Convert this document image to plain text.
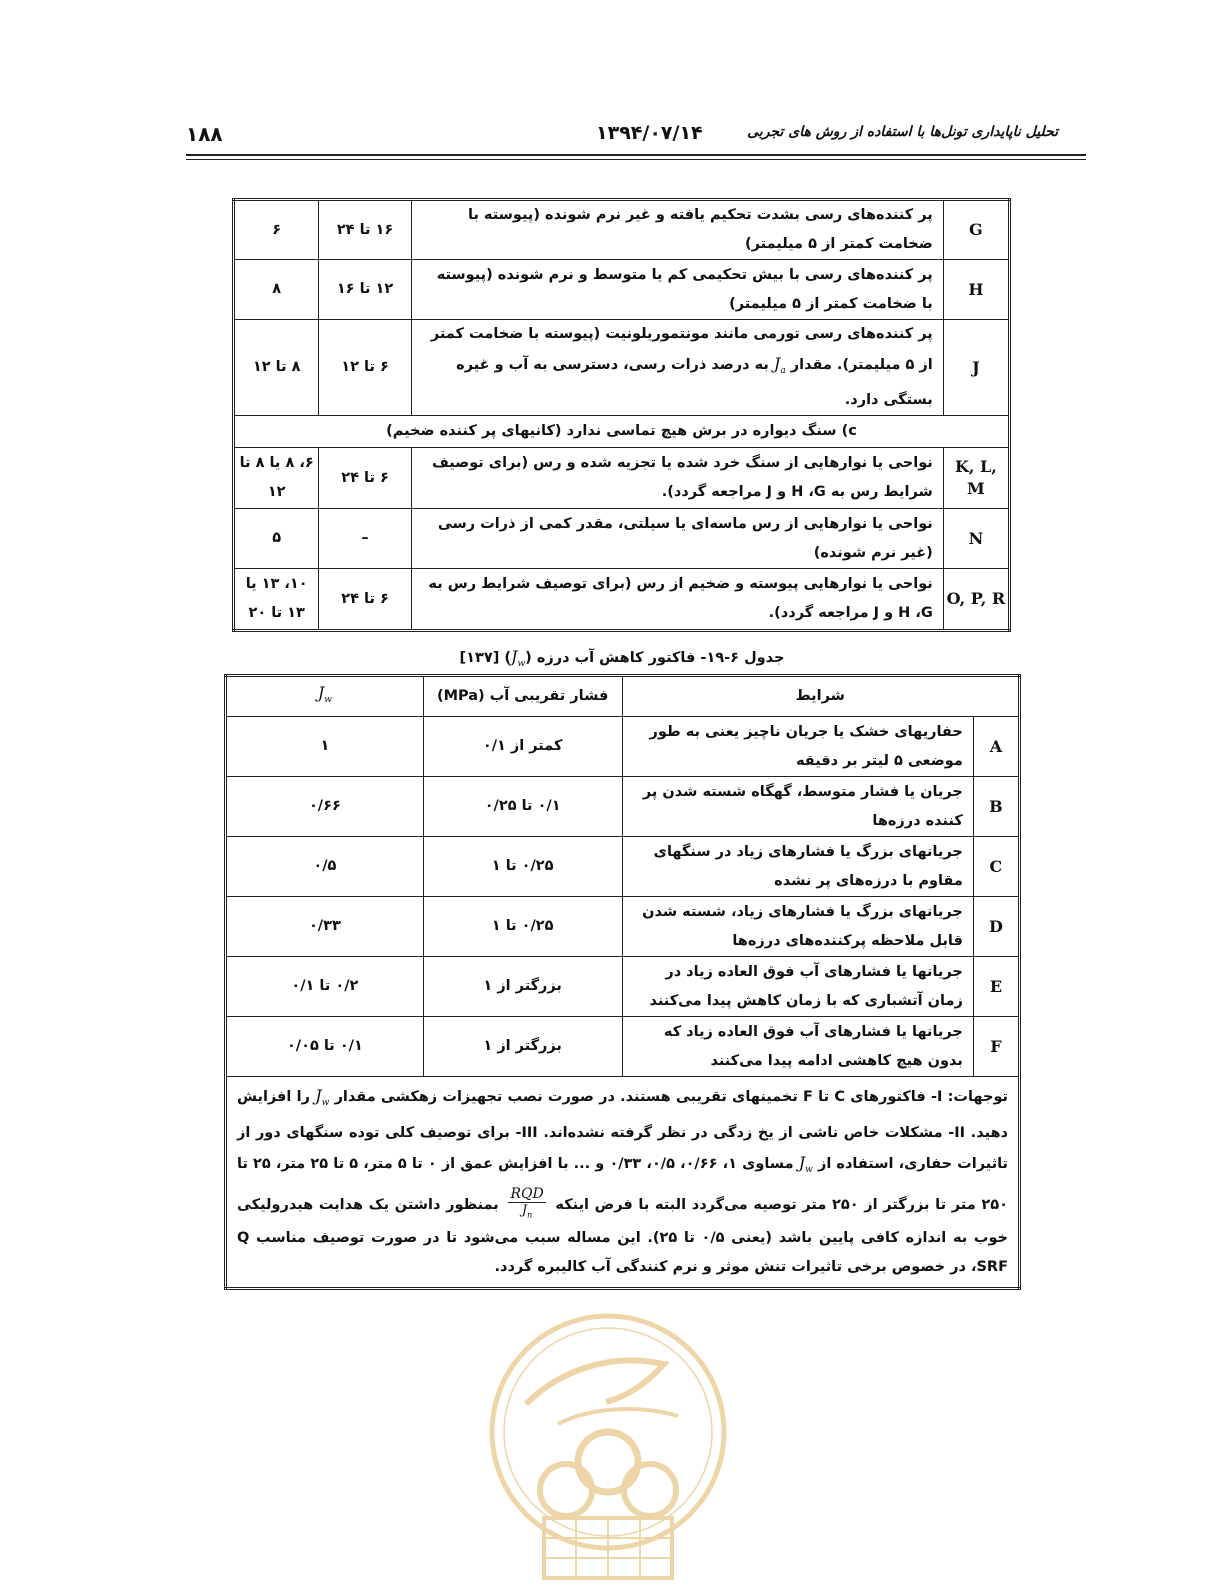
۱۸۸	۱۳۹۴/۰۷/۱۴	تحلیل ناپایداری تونل‌ها با استفاده از روش های تجربی
G	پر کننده‌های رسی بشدت تحکیم یافته و غیر نرم شونده (پیوسته با ضخامت کمتر از ۵ میلیمتر)	۱۶ تا ۲۴	۶
H	پر کننده‌های رسی با بیش تحکیمی کم یا متوسط و نرم شونده (پیوسته با ضخامت کمتر از ۵ میلیمتر)	۱۲ تا ۱۶	۸
J	پر کننده‌های رسی تورمی مانند مونتموریلونیت (پیوسته با ضخامت کمتر از ۵ میلیمتر). مقدار $J_a$ به درصد ذرات رسی، دسترسی به آب و غیره بستگی دارد.	۶ تا ۱۲	۸ تا ۱۲
c) سنگ دیواره در برش هیچ تماسی ندارد (کانیهای پر کننده ضخیم)			
K, L, M	نواحی یا نوارهایی از سنگ خرد شده یا تجزیه شده و رس (برای توصیف شرایط رس به H ،G و J مراجعه گردد).	۶ تا ۲۴	۶، ۸ یا ۸ تا ۱۲
N	نواحی یا نوارهایی از رس ماسه‌ای یا سیلتی، مقدر کمی از ذرات رسی (غیر نرم شونده)	–	۵
O, P, R	نواحی یا نوارهایی پیوسته و ضخیم از رس (برای توصیف شرایط رس به H ،G و J مراجعه گردد).	۶ تا ۲۴	۱۰، ۱۳ یا ۱۳ تا ۲۰
جدول ۶-۱۹- فاکتور کاهش آب درزه $(J_w)$ [۱۳۷]
شرایط		فشار تقریبی آب (MPa)	$J_w$
A	حفاریهای خشک یا جریان ناچیز یعنی به طور موضعی ۵ لیتر بر دقیقه	کمتر از ۰/۱	۱
B	جریان یا فشار متوسط، گهگاه شسته شدن پر کننده درزه‌ها	۰/۱ تا ۰/۲۵	۰/۶۶
C	جریانهای بزرگ یا فشارهای زیاد در سنگهای مقاوم با درزه‌های پر نشده	۰/۲۵ تا ۱	۰/۵
D	جریانهای بزرگ یا فشارهای زیاد، شسته شدن قابل ملاحظه پرکننده‌های درزه‌ها	۰/۲۵ تا ۱	۰/۳۳
E	جریانها یا فشارهای آب فوق العاده زیاد در زمان آتشباری که با زمان کاهش پیدا می‌کنند	بزرگتر از ۱	۰/۲ تا ۰/۱
F	جریانها یا فشارهای آب فوق العاده زیاد که بدون هیچ کاهشی ادامه پیدا می‌کنند	بزرگتر از ۱	۰/۱ تا ۰/۰۵
توجهات: I- فاکتورهای C تا F تخمینهای تقریبی هستند. در صورت نصب تجهیزات زهکشی مقدار $J_w$ را افزایش دهید. II- مشکلات خاص ناشی از یخ زدگی در نظر گرفته نشده‌اند. III- برای توصیف کلی توده سنگهای دور از تاثیرات حفاری، استفاده از $J_w$ مساوی ۱، ۰/۶۶، ۰/۵، ۰/۳۳ و ... با افزایش عمق از ۰ تا ۵ متر، ۵ تا ۲۵ متر، ۲۵ تا ۲۵۰ متر تا بزرگتر از ۲۵۰ متر توصیه می‌گردد البته با فرض اینکه
$\frac{\text{RQD}}{J_n}$
بمنظور داشتن یک هدایت هیدرولیکی خوب به اندازه کافی پایین باشد (یعنی ۰/۵ تا ۲۵). این مساله سبب می‌شود تا در صورت توصیف مناسب Q ،SRF در خصوص برخی تاثیرات تنش موثر و نرم کنندگی آب کالیبره گردد.			
